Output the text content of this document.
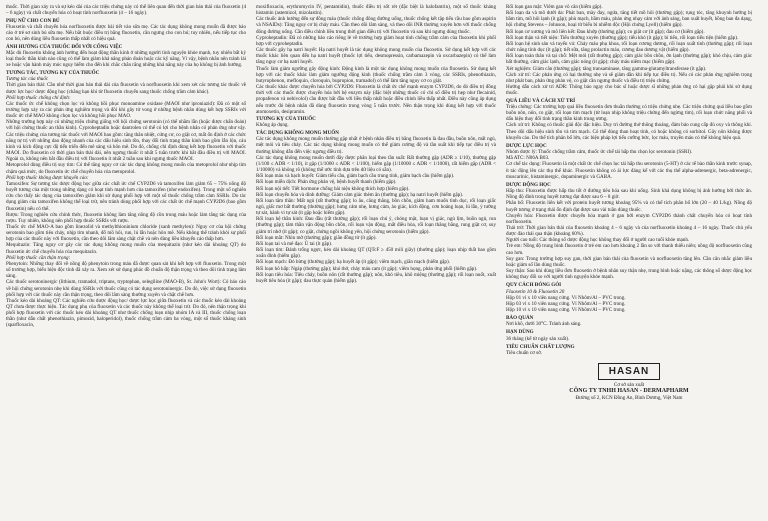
thuốc. Thời gian xảy ra và sự kéo dài của các triệu chứng này có thể liên quan đến thời gian bán thải của fluoxetin (4 – 6 ngày) và chất chuyển hóa có hoạt tính norfluoxetin (4 – 16 ngày).

PHỤ NỮ CHO CON BÚ

Fluoxetin và chất chuyển hóa norfluoxetin được bài tiết vào sữa mẹ. Các tác dụng không mong muốn đã được báo cáo ở trẻ sơ sinh bú sữa mẹ. Nếu bắt buộc điều trị bằng fluoxetin, cần ngưng cho con bú; tuy nhiên, nếu tiếp tục cho con bú, nên dùng liều fluoxetin thấp nhất có hiệu quả.

ẢNH HƯỞNG CỦA THUỐC ĐỐI VỚI CÔNG VIỆC

Mặc dù fluoxetin không ảnh hưởng đến hoạt động thần kinh ở những người tình nguyện khỏe mạnh, tuy nhiên bất kỳ loại thuốc thần kinh nào cũng có thể làm giảm khả năng phán đoán hoặc các kỹ năng. Vì vậy, bệnh nhân nên tránh lái xe hoặc vận hành máy móc nguy hiểm cho đến khi chắc chắn rằng những khả năng này của họ không bị ảnh hưởng.

TƯƠNG TÁC, TƯƠNG KỴ CỦA THUỐC

Tương tác của thuốc

Thời gian bán thải: Cần nhớ thời gian bán thải dài của fluoxetin và norfluoxetin khi xem xét các tương tác thuốc về dược lực học/ dược động học (chẳng hạn khi từ fluoxetin chuyển sang thuốc chống trầm cảm khác).

Phối hợp thuốc chống chỉ định:

Các thuốc ức chế không chọn lọc và không hồi phục monoamine oxidase (MAOI như iproniazid): Đã có một số trường hợp xảy ra các phản ứng nghiêm trọng và đôi khi gây tử vong ở những bệnh nhân dùng kết hợp SSRIs với thuốc ức chế MAO không chọn lọc và không hồi phục MAO.

Những trường hợp này có những triệu chứng giống với hội chứng serotonin (có thể nhầm lẫn (hoặc được chẩn đoán) với hội chứng thuốc an thần kinh). Cyproheptadin hoặc dantrolen có thể có lợi cho bệnh nhân có phản ứng như vậy. Các triệu chứng của tương tác thuốc với MAOI bao gồm: tăng thân nhiệt, cứng cơ, co giật cơ, mất ổn định ở các chức năng tự trị với những dao động nhanh của các dấu hiệu sinh tồn, thay đổi tình trạng thần kinh bao gồm lẫn lộn, cáu kỉnh và kích động cực độ tiến triển đến mê sảng và hôn mê. Do đó, chống chỉ định dùng kết hợp fluoxetin với thuốc MAOI. Do fluoxetin có thời gian bán thải dài, nên ngưng thuốc ít nhất 5 tuần trước khi bắt đầu điều trị với MAOI. Ngoài ra, không nên bắt đầu điều trị với fluoxetin ít nhất 2 tuần sau khi ngưng thuốc MAOI.

Metoprolol dùng điều trị suy tim: Có thể tăng nguy cơ các tác dụng không mong muốn của metoprolol như nhịp tim chậm quá mức, do fluoxetin ức chế chuyển hóa của metoprolol.

Phối hợp thuốc không được khuyến cáo:

Tamoxifen: Sự tương tác dược động học giữa các chất ức chế CYP2D6 và tamoxifen làm giảm 65 – 75% nồng độ huyết tương của một trong những dạng có hoạt tính mạnh hơn của tamoxifen (như endoxifen). Trong một số nghiên cứu cho thấy tác dụng của tamoxifen giảm khi sử dụng phối hợp với một số thuốc chống trầm cảm SSRIs. Do tác dụng giảm của tamoxifen không thể loại trừ, nên tránh dùng phối hợp với các chất ức chế mạnh CYP2D6 (bao gồm fluoxetin) nếu có thể.

Rượu: Trong nghiên cứu chính thức, fluoxetin không làm tăng nồng độ cồn trong máu hoặc làm tăng tác dụng của rượu. Tuy nhiên, không nên phối hợp thuốc SSRIs với rượu.

Thuốc ức chế MAO-A bao gồm linezolid và methylthioninium chloride (xanh methylen): Nguy cơ của hội chứng serotonin bao gồm tiêu chảy, nhịp tim nhanh, đổ mồ hôi, run, lú lẫn hoặc hôn mê. Nếu không thể tránh khỏi sự phối hợp của các thuốc này với fluoxetin, cần theo dõi lâm sàng chặt chẽ và nên dùng liều khuyến cáo thấp hơn.

Mequitazin: Tăng nguy cơ gây các tác dụng không mong muốn của mequitazin (như kéo dài khoảng QT) do fluoxetin ức chế chuyển hóa của mequitazin.

Phối hợp thuốc cần thận trọng:

Phenytoin: Những thay đổi về nồng độ phenytoin trong máu đã được quan sát khi kết hợp với fluoxetin. Trong một số trường hợp, biểu hiện độc tính đã xảy ra. Xem xét sử dụng phác đồ chuẩn độ thận trọng và theo dõi tình trạng lâm sàng.

Các thuốc serotoninergic (lithium, tramadol, triptans, tryptophan, selegiline (MAO-B), St. John's Wort): Có báo cáo về hội chứng serotonin nhẹ khi dùng SSRIs với thuốc cũng có tác dụng serotoninergic. Do đó, việc sử dụng fluoxetin phối hợp với các thuốc này cần thận trọng, theo dõi lâm sàng thường xuyên và chặt chẽ hơn.

Thuốc kéo dài khoảng QT: Các nghiên cứu dược động học/ dược lực học giữa fluoxetin và các thuốc kéo dài khoảng QT chưa được thực hiện. Tác dụng phụ của fluoxetin và các thuốc này không thể loại trừ. Do đó, nên thận trọng khi phối hợp fluoxetin với các thuốc kéo dài khoảng QT như thuốc chống loạn nhịp nhóm IA và III, thuốc chống loạn thần (như dẫn chất phenothiazin, pimozid, haloperidol), thuốc chống trầm cảm ba vòng, một số thuốc kháng sinh (sparfloxacin,

moxifloxacin, erythromycin IV, pentamidin), thuốc điều trị sốt rét (đặc biệt là halofantrin), một số thuốc kháng histamin (astemizol, mizolastin).

Các thuốc ảnh hưởng đến sự đông máu (thuốc chống đông đường uống, thuốc chống kết tập tiểu cầu bao gồm aspirin và NSAIDs): Tăng nguy cơ bị chảy máu. Cần theo dõi lâm sàng, và theo dõi INR thường xuyên hơn với thuốc chống đông đường uống. Cần điều chỉnh liều trong thời gian điều trị với fluoxetin và sau khi ngưng dùng thuốc.

Cyproheptadin: Đã có những báo cáo riêng lẻ về trường hợp giảm hoạt tính chống trầm cảm của fluoxetin khi phối hợp với cyproheptadin.

Các thuốc gây hạ natri huyết: Hạ natri huyết là tác dụng không mong muốn của fluoxetin. Sử dụng kết hợp với các thuốc khác liên quan đến hạ natri huyết (thuốc lợi tiểu, desmopressin, carbamazepin và oxcarbazepin) có thể làm tăng nguy cơ hạ natri huyết.

Thuốc làm giảm ngưỡng gây động kinh: Động kinh là một tác dụng không mong muốn của fluoxetin. Sử dụng kết hợp với các thuốc khác làm giảm ngưỡng động kinh (thuốc chống trầm cảm 3 vòng, các SSRIs, phenothiazin, butyrophenon, mefloquin, cloroquin, bupropion, tramadol) có thể làm tăng nguy cơ co giật.

Các thuốc khác được chuyển hóa bởi CYP2D6: Fluoxetin là chất ức chế mạnh enzym CYP2D6, do đó điều trị đồng thời với các thuốc được chuyển hóa bởi hệ enzym này (đặc biệt những thuốc có chỉ số điều trị hẹp như flecainid, propafenon và nebivolol) cần được bắt đầu với liều thấp nhất hoặc điều chỉnh liều thấp nhất. Điều này cũng áp dụng nếu trước đó bệnh nhân đã dùng fluoxetin trong vòng 5 tuần trước. Nên thận trọng khi dùng kết hợp với thuốc atomoxetin, desipramin.

TƯƠNG KỴ CỦA THUỐC

Không áp dụng.

TÁC DỤNG KHÔNG MONG MUỐN

Các tác dụng không mong muốn thường gặp nhất ở bệnh nhân điều trị bằng fluoxetin là đau đầu, buồn nôn, mất ngủ, mệt mỏi và tiêu chảy. Các tác dụng không mong muốn có thể giảm cường độ và tần suất khi tiếp tục điều trị và thường không dẫn đến việc ngưng điều trị.

Các tác dụng không mong muốn dưới đây được phân loại theo tần suất: Rất thường gặp (ADR ≥ 1/10), thường gặp (1/100 ≤ ADR < 1/10), ít gặp (1/1000 ≤ ADR < 1/100), hiếm gặp (1/10000 ≤ ADR < 1/1000), rất hiếm gặp (ADR < 1/10000) và không rõ (không thể ước tính dựa trên dữ liệu có sẵn).

Rối loạn máu và bạch huyết: Giảm tiểu cầu, giảm bạch cầu trung tính, giảm bạch cầu (hiếm gặp).

Rối loạn miễn dịch: Phản ứng phản vệ, bệnh huyết thanh (hiếm gặp).

Rối loạn nội tiết: Tiết hormone chống bài niệu không thích hợp (hiếm gặp).

Rối loạn chuyển hóa và dinh dưỡng: Giảm cảm giác thèm ăn (thường gặp); hạ natri huyết (hiếm gặp).

Rối loạn tâm thần: Mất ngủ (rất thường gặp); lo âu, căng thẳng, bồn chồn, giảm ham muốn tình dục, rối loạn giấc ngủ, giấc mơ bất thường (thường gặp); hưng cảm nhẹ, hưng cảm, ảo giác, kích động, cơn hoảng loạn, lú lẫn, ý tưởng tự sát, hành vi tự sát (ít gặp hoặc hiếm gặp).

Rối loạn hệ thần kinh: Đau đầu (rất thường gặp); rối loạn chú ý, chóng mặt, loạn vị giác, ngủ lịm, buồn ngủ, run (thường gặp); tâm thần vận động bồn chồn, rối loạn vận động, mất điều hòa, rối loạn thăng bằng, rung giật cơ, suy giảm trí nhớ (ít gặp); co giật, chứng ngồi không yên, hội chứng serotonin (hiếm gặp).

Rối loạn mắt: Nhìn mờ (thường gặp); giãn đồng tử (ít gặp).

Rối loạn tai và mê đạo: Ù tai (ít gặp).

Rối loạn tim: Đánh trống ngực, kéo dài khoảng QT (QTcF ≥ 450 mili giây) (thường gặp); loạn nhịp thất bao gồm xoắn đỉnh (hiếm gặp).

Rối loạn mạch: Đỏ bừng (thường gặp); hạ huyết áp (ít gặp); viêm mạch, giãn mạch (hiếm gặp).

Rối loạn hô hấp: Ngáp (thường gặp); khó thở, chảy máu cam (ít gặp); viêm họng, phản ứng phổi (hiếm gặp).

Rối loạn tiêu hóa: Tiêu chảy, buồn nôn (rất thường gặp); nôn, khó tiêu, khô miệng (thường gặp); rối loạn nuốt, xuất huyết tiêu hóa (ít gặp); đau thực quản (hiếm gặp).

Rối loạn gan mật: Viêm gan vô căn (hiếm gặp).

Rối loạn da và mô dưới da: Phát ban, mày đay, ngứa, tăng tiết mồ hôi (thường gặp); rụng tóc, tăng khuynh hướng bị bầm tím, mồ hôi lạnh (ít gặp); phù mạch, bầm máu, phản ứng nhạy cảm với ánh sáng, ban xuất huyết, hồng ban đa dạng, hội chứng Stevens – Johnson, hoại tử biểu bì nhiễm độc (Hội chứng Lyell) (hiếm gặp).

Rối loạn cơ xương và mô liên kết: Đau khớp (thường gặp); co giật cơ (ít gặp); đau cơ (hiếm gặp).

Rối loạn thận và tiết niệu: Tiểu thường xuyên (thường gặp); tiểu khó (ít gặp); bí tiểu, rối loạn tiểu tiện (hiếm gặp).

Rối loạn hệ sinh sản và tuyến vú: Chảy máu phụ khoa, rối loạn cương dương, rối loạn xuất tinh (thường gặp); rối loạn chức năng tình dục (ít gặp); tiết sữa, tăng prolactin máu, cương đau dương vật (hiếm gặp).

Rối loạn toàn thân và tại chỗ: Mệt mỏi (rất thường gặp); cảm giác bồn chồn, ớn lạnh (thường gặp); khó chịu, cảm giác bất thường, cảm giác lạnh, cảm giác nóng (ít gặp); chảy máu niêm mạc (hiếm gặp).

Xét nghiệm: Giảm cân (thường gặp); tăng transaminase, tăng gamma-glutamyltransferase (ít gặp).

Cách xử trí: Các phản ứng có hại thường nhẹ và sẽ giảm dần khi tiếp tục điều trị. Nếu có các phản ứng nghiêm trọng như phát ban, phản ứng phản vệ, co giật cần ngưng thuốc và điều trị triệu chứng.

Hướng dẫn cách xử trí ADR: Thông báo ngay cho bác sĩ hoặc dược sĩ những phản ứng có hại gặp phải khi sử dụng thuốc.

QUÁ LIỀU VÀ CÁCH XỬ TRÍ

Triệu chứng: Các trường hợp quá liều fluoxetin đơn thuần thường có triệu chứng nhẹ. Các triệu chứng quá liều bao gồm buồn nôn, nôn, co giật, rối loạn tim mạch (từ loạn nhịp không triệu chứng đến ngừng tim), rối loạn chức năng phổi và dấu hiệu thay đổi tình trạng thần kinh trung ương.

Cách xử trí: Không có thuốc giải độc đặc hiệu. Duy trì đường thở thông thoáng, đảm bảo cung cấp đủ oxy và thông khí. Theo dõi dấu hiệu sinh tồn và tim mạch. Có thể dùng than hoạt tính, có hoặc không có sorbitol. Gây nôn không được khuyến cáo. Do thể tích phân bố lớn, các biện pháp lợi tiểu cưỡng bức, lọc máu, truyền máu có thể không hiệu quả.

DƯỢC LỰC HỌC

Nhóm dược lý: Thuốc chống trầm cảm, thuốc ức chế tái hấp thu chọn lọc serotonin (SSRI).

Mã ATC: N06A B03.

Cơ chế tác dụng: Fluoxetin là một chất ức chế chọn lọc tái hấp thu serotonin (5-HT) ở các tế bào thần kinh trước synap, ít tác động lên các thụ thể khác. Fluoxetin không có ái lực đáng kể với các thụ thể alpha-adrenergic, beta-adrenergic, muscarinic, histaminergic, dopaminergic và GABA.

DƯỢC ĐỘNG HỌC

Hấp thu: Fluoxetin được hấp thu tốt ở đường tiêu hóa sau khi uống. Sinh khả dụng không bị ảnh hưởng bởi thức ăn. Nồng độ đỉnh trong huyết tương đạt được sau 6 – 8 giờ.

Phân bố: Fluoxetin liên kết với protein huyết tương khoảng 95% và có thể tích phân bố lớn (20 – 40 L/kg). Nồng độ huyết tương ở trạng thái ổn định đạt được sau vài tuần dùng thuốc.

Chuyển hóa: Fluoxetin được chuyển hóa mạnh ở gan bởi enzym CYP2D6 thành chất chuyển hóa có hoạt tính norfluoxetin.

Thải trừ: Thời gian bán thải của fluoxetin khoảng 4 – 6 ngày và của norfluoxetin khoảng 4 – 16 ngày. Thuốc chủ yếu được đào thải qua thận (khoảng 60%).

Người cao tuổi: Các thông số dược động học không thay đổi ở người cao tuổi khỏe mạnh.

Trẻ em: Nồng độ trung bình fluoxetin ở trẻ em cao hơn khoảng 2 lần so với thanh thiếu niên; nồng độ norfluoxetin cũng cao hơn.

Suy gan: Trong trường hợp suy gan, thời gian bán thải của fluoxetin và norfluoxetin tăng lên. Cần cân nhắc giảm liều hoặc giảm số lần dùng thuốc.

Suy thận: Sau khi dùng liều đơn fluoxetin ở bệnh nhân suy thận nhẹ, trung bình hoặc nặng, các thông số dược động học không thay đổi so với người tình nguyện khỏe mạnh.

QUY CÁCH ĐÓNG GÓI

Fluoxetin 10 & Fluoxetin 20

Hộp 01 vỉ x 10 viên nang cứng. Vỉ Nhôm/Al – PVC trong.

Hộp 03 vỉ x 10 viên nang cứng. Vỉ Nhôm/Al – PVC trong.

Hộp 10 vỉ x 10 viên nang cứng. Vỉ Nhôm/Al – PVC trong.

BẢO QUẢN

Nơi khô, dưới 30°C. Tránh ánh sáng.

HẠN DÙNG

36 tháng (kể từ ngày sản xuất).

TIÊU CHUẨN CHẤT LƯỢNG

Tiêu chuẩn cơ sở.

HASAN
Cơ sở sản xuất
CÔNG TY TNHH HASAN - DERMAPHARM
Đường số 2, KCN Đồng An, Bình Dương, Việt Nam
